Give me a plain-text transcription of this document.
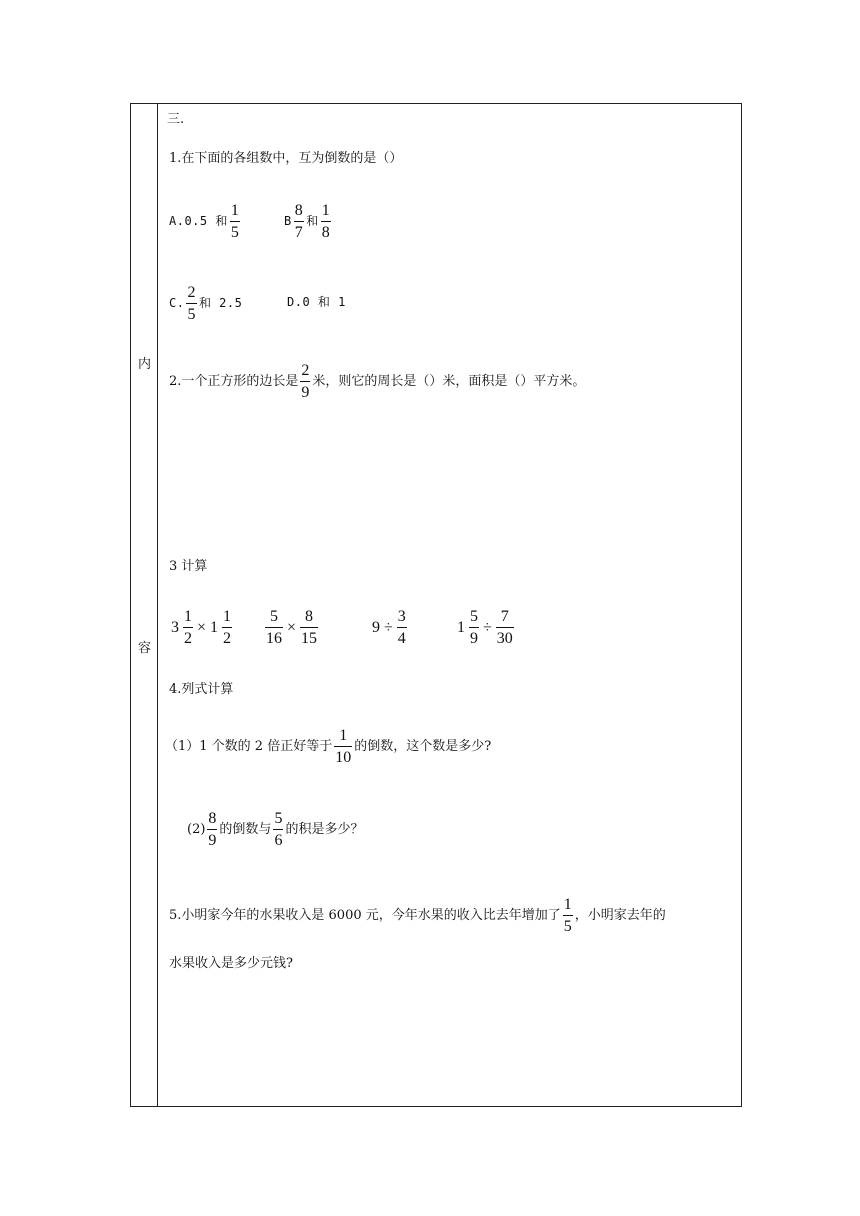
内
容
三.
1.在下面的各组数中，互为倒数的是（）
A.0.5 和 $\frac{1}{5}$	B $\frac{8}{7}$ 和 $\frac{1}{8}$
C. $\frac{2}{5}$ 和 2.5	D.0 和 1
2.一个正方形的边长是 $\frac{2}{9}$ 米，则它的周长是（）米，面积是（）平方米。
3 计算
$3 \frac{1}{2} \times 1 \frac{1}{2} \frac{5}{16} \times \frac{8}{15}$	$9 \div \frac{3}{4}$	$1 \frac{5}{9} \div \frac{7}{30}$
4.列式计算
（1）1 个数的 2 倍正好等于 $\frac{1}{10}$ 的倒数，这个数是多少?
$(2) \frac{8}{9}$ 的倒数与 $\frac{5}{6}$ 的积是多少？
5.小明家今年的水果收入是 6000 元，今年水果的收入比去年增加了 $\frac{1}{5}$ ，小明家去年的
水果收入是多少元钱?
